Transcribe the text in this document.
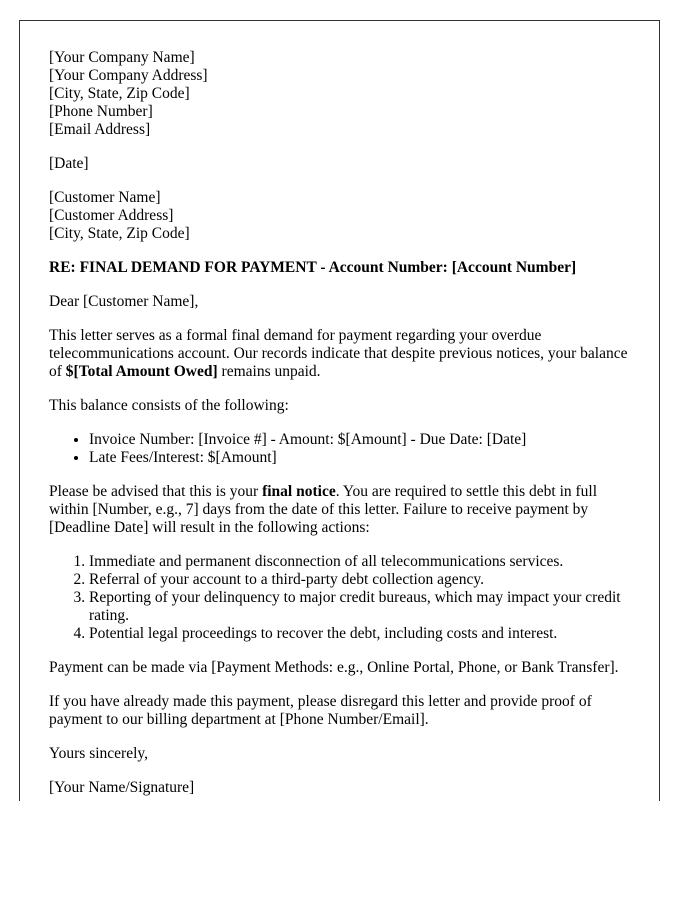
[Your Company Name]
[Your Company Address]
[City, State, Zip Code]
[Phone Number]
[Email Address]
[Date]
[Customer Name]
[Customer Address]
[City, State, Zip Code]

RE: FINAL DEMAND FOR PAYMENT - Account Number: [Account Number]

Dear [Customer Name],

This letter serves as a formal final demand for payment regarding your overdue telecommunications account. Our records indicate that despite previous notices, your balance of $[Total Amount Owed] remains unpaid.

This balance consists of the following:

• Invoice Number: [Invoice #] - Amount: $[Amount] - Due Date: [Date]
• Late Fees/Interest: $[Amount]

Please be advised that this is your final notice. You are required to settle this debt in full within [Number, e.g., 7] days from the date of this letter. Failure to receive payment by [Deadline Date] will result in the following actions:

1. Immediate and permanent disconnection of all telecommunications services.
2. Referral of your account to a third-party debt collection agency.
3. Reporting of your delinquency to major credit bureaus, which may impact your credit rating.
4. Potential legal proceedings to recover the debt, including costs and interest.

Payment can be made via [Payment Methods: e.g., Online Portal, Phone, or Bank Transfer].

If you have already made this payment, please disregard this letter and provide proof of payment to our billing department at [Phone Number/Email].

Yours sincerely,

[Your Name/Signature]
